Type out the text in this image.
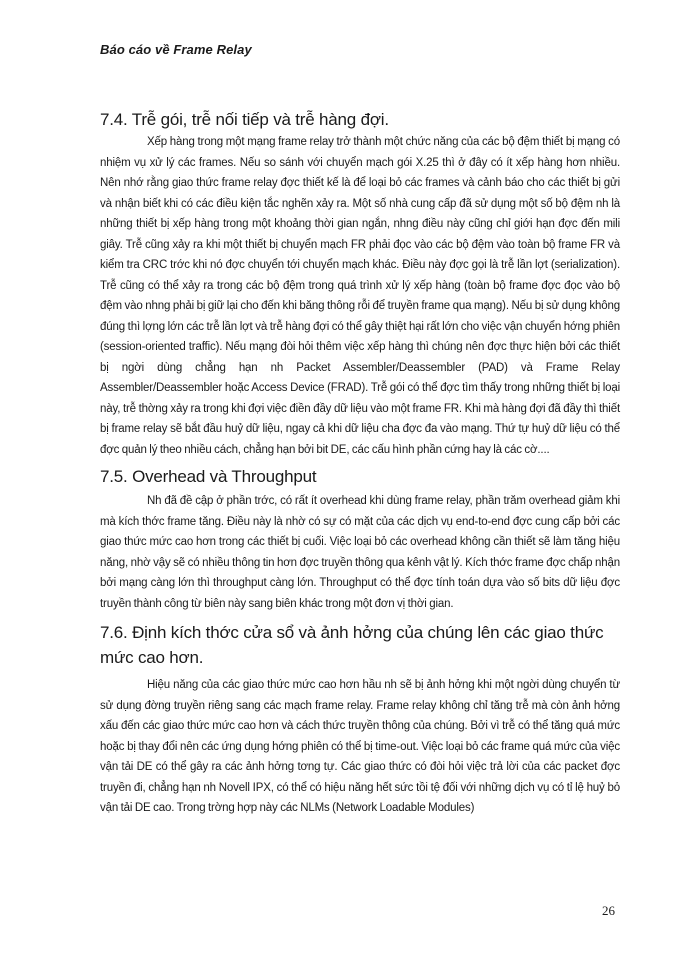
Báo cáo về Frame Relay
7.4. Trễ gói, trễ nối tiếp và trễ hàng đợi.

Xếp hàng trong một mạng frame relay trở thành một chức năng của các bộ đệm thiết bị mạng có nhiệm vụ xử lý các frames. Nếu so sánh với chuyển mạch gói X.25 thì ở đây có ít xếp hàng hơn nhiều. Nên nhớ rằng giao thức frame relay đợc thiết kế là để loại bỏ các frames và cảnh báo cho các thiết bị gửi và nhận biết khi có các điều kiện tắc nghẽn xảy ra. Một số nhà cung cấp đã sử dụng một số bộ đệm nh là những thiết bị xếp hàng trong một khoảng thời gian ngắn, nhng điều này cũng chỉ giới hạn đợc đến mili giây. Trễ cũng xảy ra khi một thiết bị chuyển mạch FR phải đọc vào các bộ đệm vào toàn bộ frame FR và kiểm tra CRC trớc khi nó đợc chuyển tới chuyển mạch khác. Điều này đợc gọi là trễ lần lợt (serialization). Trễ cũng có thể xảy ra trong các bộ đệm trong quá trình xử lý xếp hàng (toàn bộ frame đợc đọc vào bộ đệm vào nhng phải bị giữ lại cho đến khi băng thông rỗi để truyền frame qua mạng). Nếu bị sử dụng không đúng thì lợng lớn các trễ lần lợt và trễ hàng đợi có thể gây thiệt hại rất lớn cho việc vận chuyển hớng phiên (session-oriented traffic). Nếu mạng đòi hỏi thêm việc xếp hàng thì chúng nên đợc thực hiện bởi các thiết bị ngời dùng chẳng hạn nh Packet Assembler/Deassembler (PAD) và Frame Relay Assembler/Deassembler hoặc Access Device (FRAD). Trễ gói có thể đợc tìm thấy trong những thiết bị loại này, trễ thờng xảy ra trong khi đợi việc điền đầy dữ liệu vào một frame FR. Khi mà hàng đợi đã đầy thì thiết bị frame relay sẽ bắt đầu huỷ dữ liệu, ngay cả khi dữ liệu cha đợc đa vào mạng. Thứ tự huỷ dữ liệu có thể đợc quản lý theo nhiều cách, chẳng hạn bởi bit DE, các cấu hình phần cứng hay là các cờ....

7.5. Overhead và Throughput

Nh đã đề cập ở phần trớc, có rất ít overhead khi dùng frame relay, phần trăm overhead giảm khi mà kích thớc frame tăng. Điều này là nhờ có sự có mặt của các dịch vụ end-to-end đợc cung cấp bởi các giao thức mức cao hơn trong các thiết bị cuối. Việc loại bỏ các overhead không cần thiết sẽ làm tăng hiệu năng, nhờ vậy sẽ có nhiều thông tin hơn đợc truyền thông qua kênh vật lý. Kích thớc frame đợc chấp nhận bởi mạng càng lớn thì throughput càng lớn. Throughput có thể đợc tính toán dựa vào số bits dữ liệu đợc truyền thành công từ biên này sang biên khác trong một đơn vị thời gian.

7.6. Định kích thớc cửa sổ và ảnh hởng của chúng lên các giao thức mức cao hơn.

Hiệu năng của các giao thức mức cao hơn hầu nh sẽ bị ảnh hởng khi một ngời dùng chuyển từ sử dụng đờng truyền riêng sang các mạch frame relay. Frame relay không chỉ tăng trễ mà còn ảnh hởng xấu đến các giao thức mức cao hơn và cách thức truyền thông của chúng. Bởi vì trễ có thể tăng quá mức hoặc bị thay đổi nên các ứng dụng hớng phiên có thể bị time-out. Việc loại bỏ các frame quá mức của việc vận tải DE có thể gây ra các ảnh hởng tơng tự. Các giao thức có đòi hỏi việc trả lời của các packet đợc truyền đi, chẳng hạn nh Novell IPX, có thể có hiệu năng hết sức tồi tệ đối với những dịch vụ có tỉ lệ huỷ bỏ vận tải DE cao. Trong trờng hợp này các NLMs (Network Loadable Modules)

26
